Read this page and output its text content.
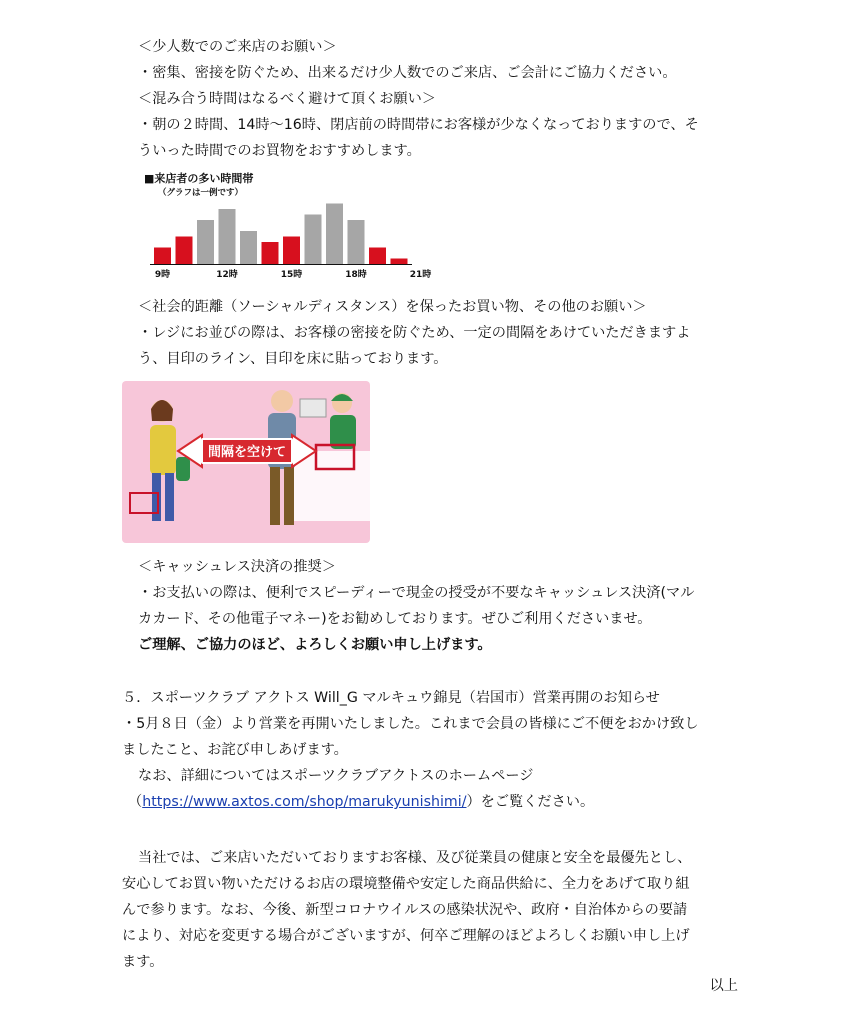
＜少人数でのご来店のお願い＞
・密集、密接を防ぐため、出来るだけ少人数でのご来店、ご会計にご協力ください。
＜混み合う時間はなるべく避けて頂くお願い＞
・朝の２時間、14時〜16時、閉店前の時間帯にお客様が少なくなっておりますので、そ
ういった時間でのお買物をおすすめします。
■来店者の多い時間帯
（グラフは一例です）
9時	12時	15時	18時	21時
＜社会的距離（ソーシャルディスタンス）を保ったお買い物、その他のお願い＞
・レジにお並びの際は、お客様の密接を防ぐため、一定の間隔をあけていただきますよ
う、目印のライン、目印を床に貼っております。
間隔を空けて
＜キャッシュレス決済の推奨＞
・お支払いの際は、便利でスピーディーで現金の授受が不要なキャッシュレス決済(マル
カカード、その他電子マネー)をお勧めしております。ぜひご利用くださいませ。
ご理解、ご協力のほど、よろしくお願い申し上げます。
５．スポーツクラブ アクトス Will_G マルキュウ錦見（岩国市）営業再開のお知らせ
・5月８日（金）より営業を再開いたしました。これまで会員の皆様にご不便をおかけ致し
ましたこと、お詫び申しあげます。
なお、詳細についてはスポーツクラブアクトスのホームページ
（https://www.axtos.com/shop/marukyunishimi/）をご覧ください。
当社では、ご来店いただいておりますお客様、及び従業員の健康と安全を最優先とし、
安心してお買い物いただけるお店の環境整備や安定した商品供給に、全力をあげて取り組
んで参ります。なお、今後、新型コロナウイルスの感染状況や、政府・自治体からの要請
により、対応を変更する場合がございますが、何卒ご理解のほどよろしくお願い申し上げ
ます。
以上
